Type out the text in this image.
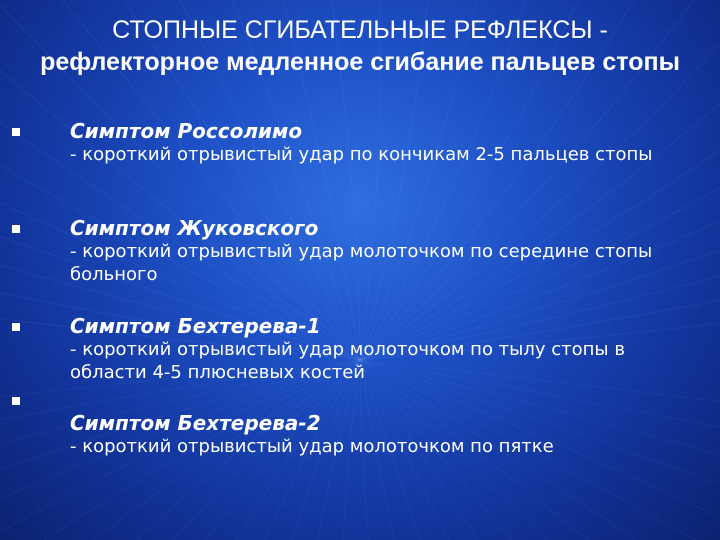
СТОПНЫЕ СГИБАТЕЛЬНЫЕ РЕФЛЕКСЫ -
рефлекторное медленное сгибание пальцев стопы
Симптом Россолимо
- короткий отрывистый удар по кончикам 2-5 пальцев стопы
Симптом Жуковского
- короткий отрывистый удар молоточком по середине стопы больного
Симптом Бехтерева-1
- короткий отрывистый удар молоточком по тылу стопы в области 4-5 плюсневых костей
Симптом Бехтерева-2
- короткий отрывистый удар молоточком по пятке
